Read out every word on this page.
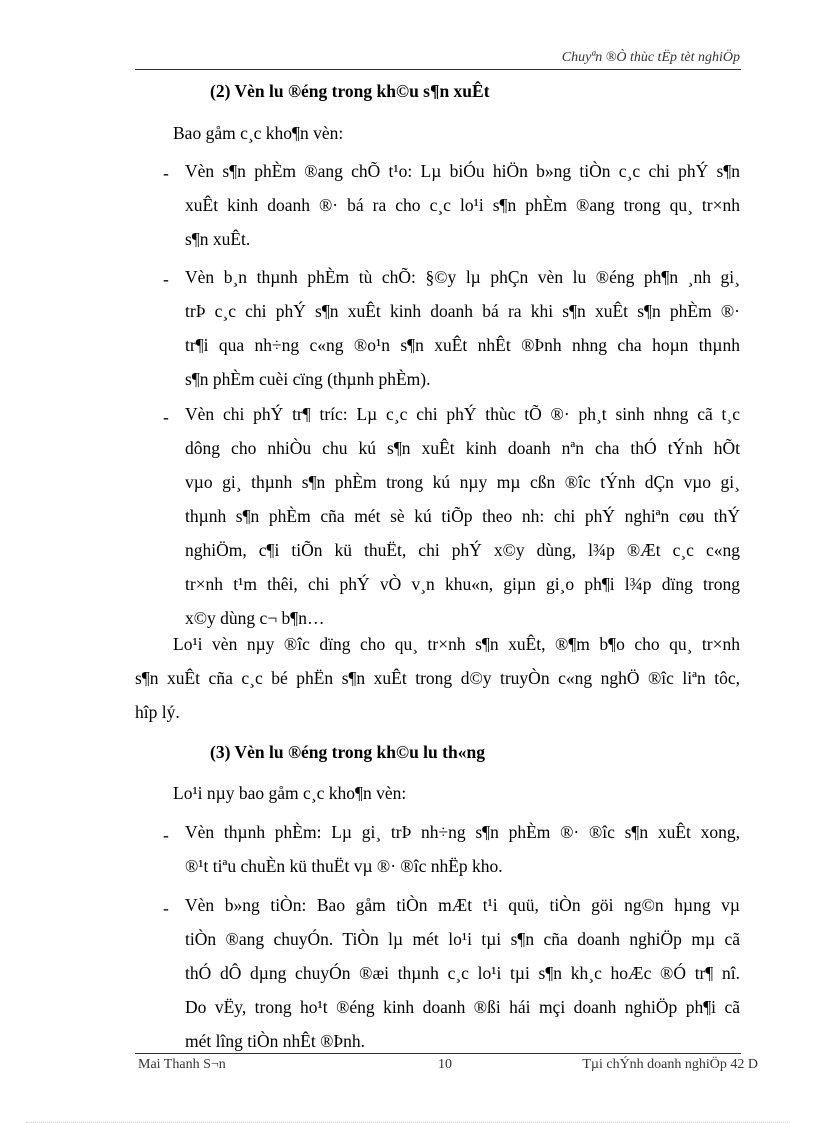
Chuyªn ®Ò thùc tËp tèt nghiÖp
(2) Vèn lu ®éng trong kh©u s¶n xuÊt
Bao gåm c¸c kho¶n vèn:
- Vèn s¶n phÈm ®ang chÕ t¹o: Lµ biÓu hiÖn b»ng tiÒn c¸c chi phÝ s¶n
xuÊt kinh doanh ®· bá ra cho c¸c lo¹i s¶n phÈm ®ang trong qu¸ tr×nh
s¶n xuÊt.
- Vèn b¸n thµnh phÈm tù chÕ: §©y lµ phÇn vèn lu ®éng ph¶n ¸nh gi¸
trÞ c¸c chi phÝ s¶n xuÊt kinh doanh bá ra khi s¶n xuÊt s¶n phÈm ®·
tr¶i qua nh÷ng c«ng ®o¹n s¶n xuÊt nhÊt ®Þnh nhng cha hoµn thµnh
s¶n phÈm cuèi cïng (thµnh phÈm).
- Vèn chi phÝ tr¶ tríc: Lµ c¸c chi phÝ thùc tÕ ®· ph¸t sinh nhng cã t¸c
dông cho nhiÒu chu kú s¶n xuÊt kinh doanh nªn cha thÓ tÝnh hÕt
vµo gi¸ thµnh s¶n phÈm trong kú nµy mµ cßn ®îc tÝnh dÇn vµo gi¸
thµnh s¶n phÈm cña mét sè kú tiÕp theo nh: chi phÝ nghiªn cøu thÝ
nghiÖm, c¶i tiÕn kü thuËt, chi phÝ x©y dùng, l¾p ®Æt c¸c c«ng
tr×nh t¹m thêi, chi phÝ vÒ v¸n khu«n, giµn gi¸o ph¶i l¾p dïng trong
x©y dùng c¬ b¶n…
Lo¹i vèn nµy ®îc dïng cho qu¸ tr×nh s¶n xuÊt, ®¶m b¶o cho qu¸ tr×nh
s¶n xuÊt cña c¸c bé phËn s¶n xuÊt trong d©y truyÒn c«ng nghÖ ®îc liªn tôc,
hîp lý.
(3) Vèn lu ®éng trong kh©u lu th«ng
Lo¹i nµy bao gåm c¸c kho¶n vèn:
- Vèn thµnh phÈm: Lµ gi¸ trÞ nh÷ng s¶n phÈm ®· ®îc s¶n xuÊt xong,
®¹t tiªu chuÈn kü thuËt vµ ®· ®îc nhËp kho.
- Vèn b»ng tiÒn: Bao gåm tiÒn mÆt t¹i quü, tiÒn göi ng©n hµng vµ
tiÒn ®ang chuyÓn. TiÒn lµ mét lo¹i tµi s¶n cña doanh nghiÖp mµ cã
thÓ dÔ dµng chuyÓn ®æi thµnh c¸c lo¹i tµi s¶n kh¸c hoÆc ®Ó tr¶ nî.
Do vËy, trong ho¹t ®éng kinh doanh ®ßi hái mçi doanh nghiÖp ph¶i cã
mét lîng tiÒn nhÊt ®Þnh.
Mai Thanh S¬n	10	Tµi chÝnh doanh nghiÖp 42 D
